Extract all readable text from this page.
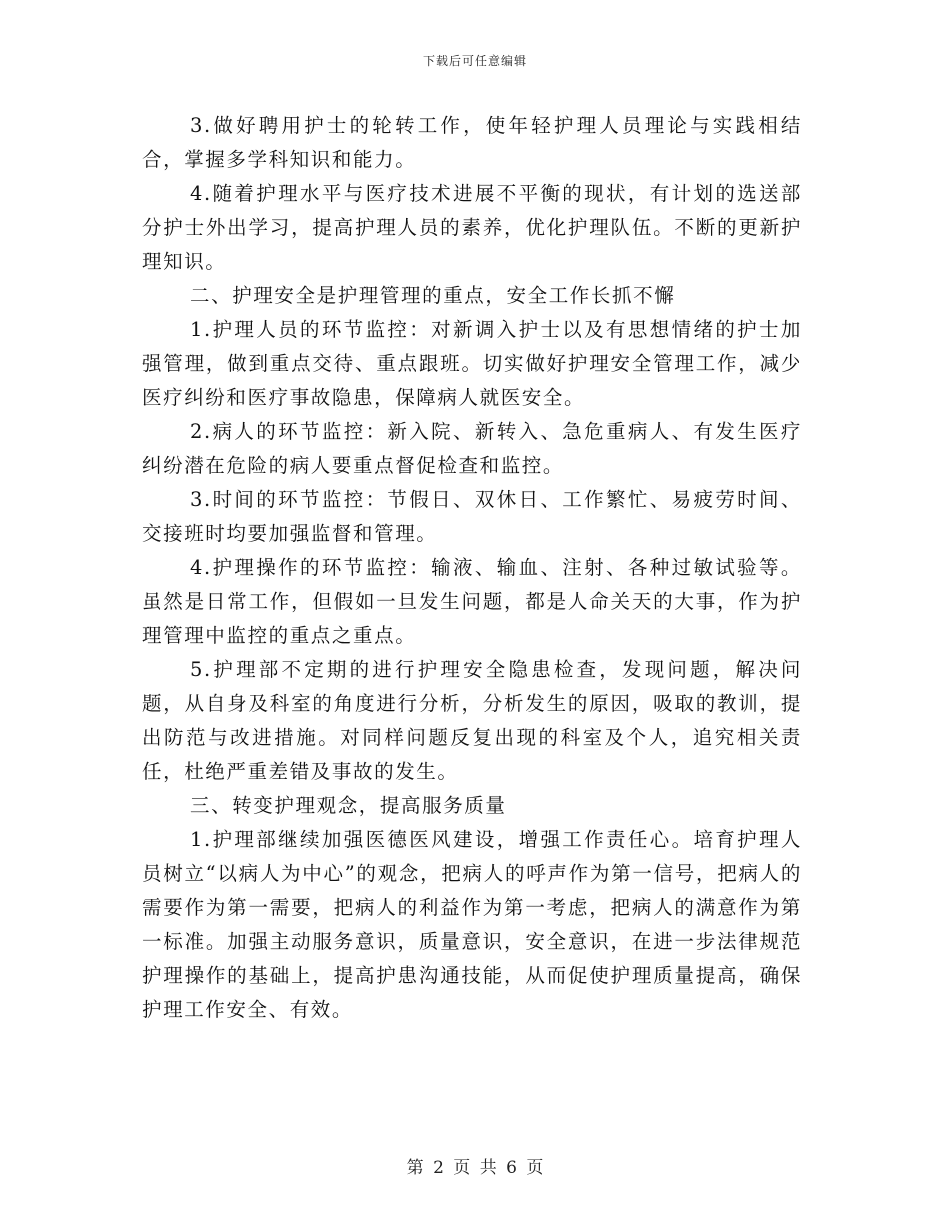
下载后可任意编辑

3.做好聘用护士的轮转工作，使年轻护理人员理论与实践相结合，掌握多学科知识和能力。

4.随着护理水平与医疗技术进展不平衡的现状，有计划的选送部分护士外出学习，提高护理人员的素养，优化护理队伍。不断的更新护理知识。

二、护理安全是护理管理的重点，安全工作长抓不懈

1.护理人员的环节监控：对新调入护士以及有思想情绪的护士加强管理，做到重点交待、重点跟班。切实做好护理安全管理工作，减少医疗纠纷和医疗事故隐患，保障病人就医安全。

2.病人的环节监控：新入院、新转入、急危重病人、有发生医疗纠纷潜在危险的病人要重点督促检查和监控。

3.时间的环节监控：节假日、双休日、工作繁忙、易疲劳时间、交接班时均要加强监督和管理。

4.护理操作的环节监控：输液、输血、注射、各种过敏试验等。虽然是日常工作，但假如一旦发生问题，都是人命关天的大事，作为护理管理中监控的重点之重点。

5.护理部不定期的进行护理安全隐患检查，发现问题，解决问题，从自身及科室的角度进行分析，分析发生的原因，吸取的教训，提出防范与改进措施。对同样问题反复出现的科室及个人，追究相关责任，杜绝严重差错及事故的发生。

三、转变护理观念，提高服务质量

1.护理部继续加强医德医风建设，增强工作责任心。培育护理人员树立“以病人为中心”的观念，把病人的呼声作为第一信号，把病人的需要作为第一需要，把病人的利益作为第一考虑，把病人的满意作为第一标准。加强主动服务意识，质量意识，安全意识，在进一步法律规范护理操作的基础上，提高护患沟通技能，从而促使护理质量提高，确保护理工作安全、有效。

第 2 页 共 6 页
